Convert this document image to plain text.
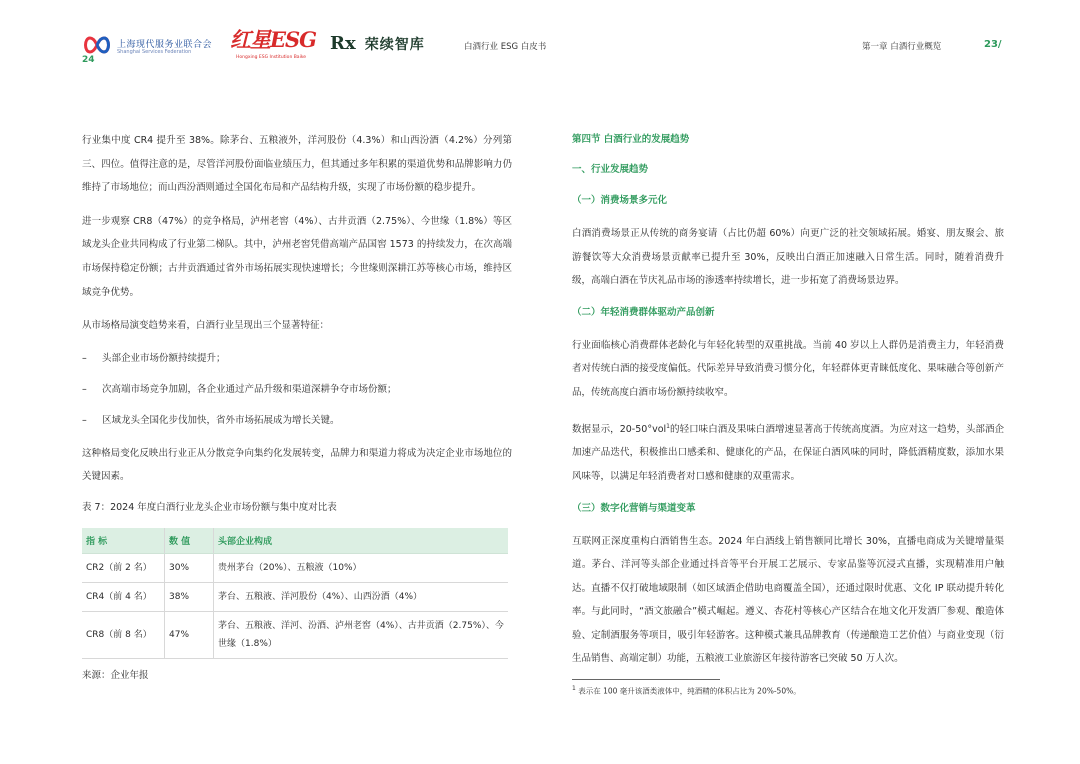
上海现代服务业联合会
Shanghai Services Federation
24
红星ESG
Hongxing ESG Institution Baike
Rx 荣续智库	白酒行业 ESG 白皮书	第一章 白酒行业概览	23/

行业集中度 CR4 提升至 38%。除茅台、五粮液外，洋河股份（4.3%）和山西汾酒（4.2%）分列第三、四位。值得注意的是，尽管洋河股份面临业绩压力，但其通过多年积累的渠道优势和品牌影响力仍维持了市场地位；而山西汾酒则通过全国化布局和产品结构升级，实现了市场份额的稳步提升。

进一步观察 CR8（47%）的竞争格局，泸州老窖（4%）、古井贡酒（2.75%）、今世缘（1.8%）等区域龙头企业共同构成了行业第二梯队。其中，泸州老窖凭借高端产品国窖 1573 的持续发力，在次高端市场保持稳定份额；古井贡酒通过省外市场拓展实现快速增长；今世缘则深耕江苏等核心市场，维持区域竞争优势。

从市场格局演变趋势来看，白酒行业呈现出三个显著特征：

–	头部企业市场份额持续提升；
–	次高端市场竞争加剧，各企业通过产品升级和渠道深耕争夺市场份额；
–	区域龙头全国化步伐加快，省外市场拓展成为增长关键。

这种格局变化反映出行业正从分散竞争向集约化发展转变，品牌力和渠道力将成为决定企业市场地位的关键因素。

表 7：2024 年度白酒行业龙头企业市场份额与集中度对比表
指 标	数 值	头部企业构成
CR2（前 2 名）	30%	贵州茅台（20%）、五粮液（10%）
CR4（前 4 名）	38%	茅台、五粮液、洋河股份（4%）、山西汾酒（4%）
CR8（前 8 名）	47%	茅台、五粮液、洋河、汾酒、泸州老窖（4%）、古井贡酒（2.75%）、今世缘（1.8%）
来源：企业年报
第四节 白酒行业的发展趋势
一、行业发展趋势
（一）消费场景多元化

白酒消费场景正从传统的商务宴请（占比仍超 60%）向更广泛的社交领域拓展。婚宴、朋友聚会、旅游餐饮等大众消费场景贡献率已提升至 30%，反映出白酒正加速融入日常生活。同时，随着消费升级，高端白酒在节庆礼品市场的渗透率持续增长，进一步拓宽了消费场景边界。

（二）年轻消费群体驱动产品创新

行业面临核心消费群体老龄化与年轻化转型的双重挑战。当前 40 岁以上人群仍是消费主力，年轻消费者对传统白酒的接受度偏低。代际差异导致消费习惯分化，年轻群体更青睐低度化、果味融合等创新产品，传统高度白酒市场份额持续收窄。

数据显示，20-50°vol$^1$的轻口味白酒及果味白酒增速显著高于传统高度酒。为应对这一趋势，头部酒企加速产品迭代，积极推出口感柔和、健康化的产品，在保证白酒风味的同时，降低酒精度数，添加水果风味等，以满足年轻消费者对口感和健康的双重需求。

（三）数字化营销与渠道变革

互联网正深度重构白酒销售生态。2024 年白酒线上销售额同比增长 30%，直播电商成为关键增量渠道。茅台、洋河等头部企业通过抖音等平台开展工艺展示、专家品鉴等沉浸式直播，实现精准用户触达。直播不仅打破地域限制（如区域酒企借助电商覆盖全国），还通过限时优惠、文化 IP 联动提升转化率。与此同时，“酒文旅融合”模式崛起。遵义、杏花村等核心产区结合在地文化开发酒厂参观、酿造体验、定制酒服务等项目，吸引年轻游客。这种模式兼具品牌教育（传递酿造工艺价值）与商业变现（衍生品销售、高端定制）功能，五粮液工业旅游区年接待游客已突破 50 万人次。

$^1$ 表示在 100 毫升该酒类液体中，纯酒精的体积占比为 20%-50%。
